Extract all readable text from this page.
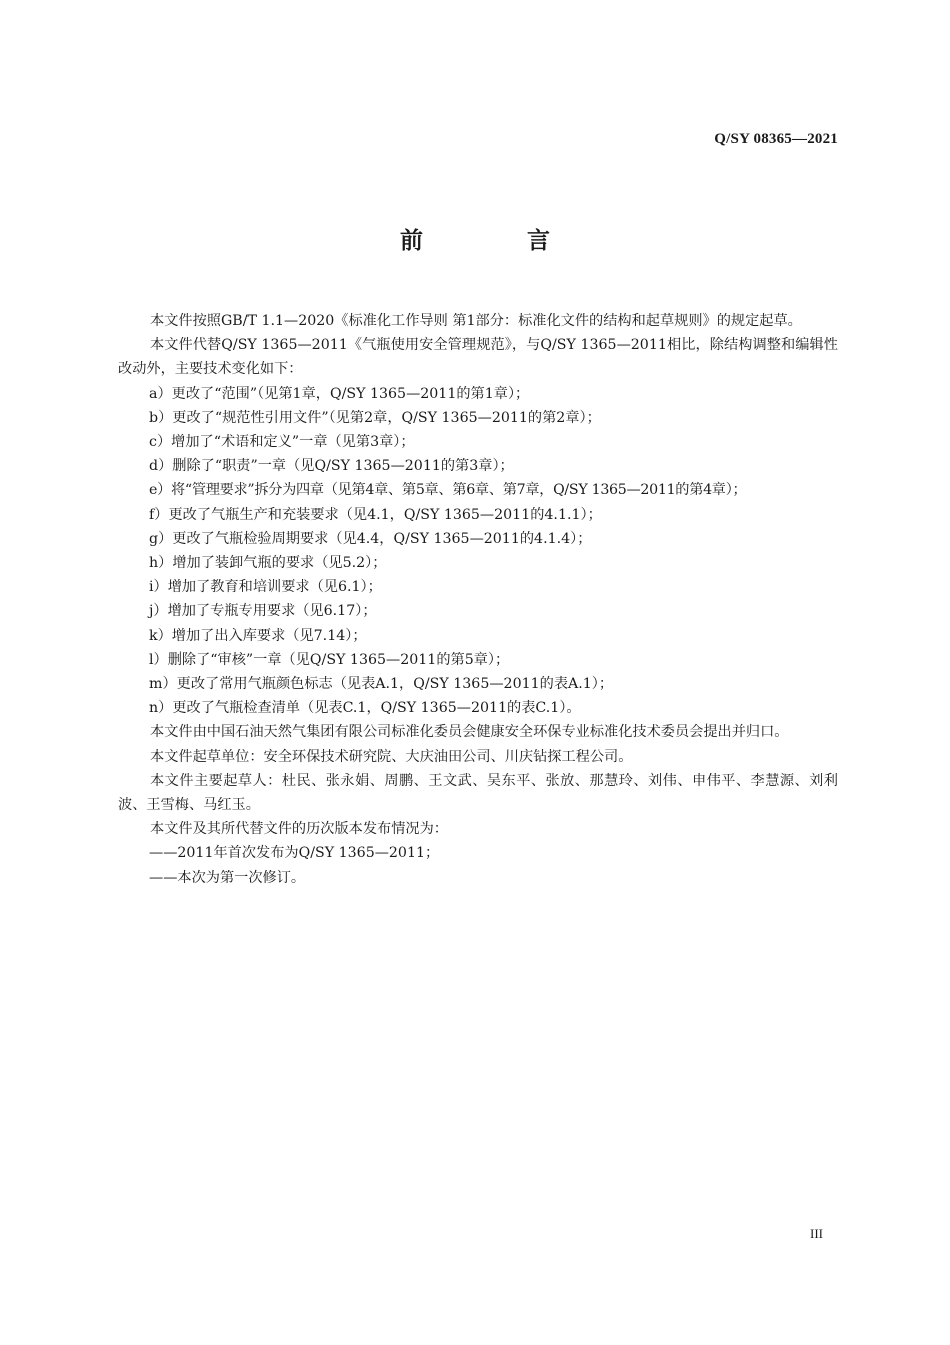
Q/SY 08365—2021
前 言

本文件按照GB/T 1.1—2020《标准化工作导则 第1部分：标准化文件的结构和起草规则》的规定起草。

本文件代替Q/SY 1365—2011《气瓶使用安全管理规范》，与Q/SY 1365—2011相比，除结构调整和编辑性改动外，主要技术变化如下：

a）更改了“范围”（见第1章，Q/SY 1365—2011的第1章）；

b）更改了“规范性引用文件”（见第2章，Q/SY 1365—2011的第2章）；

c）增加了“术语和定义”一章（见第3章）；

d）删除了“职责”一章（见Q/SY 1365—2011的第3章）；

e）将“管理要求”拆分为四章（见第4章、第5章、第6章、第7章，Q/SY 1365—2011的第4章）；

f）更改了气瓶生产和充装要求（见4.1，Q/SY 1365—2011的4.1.1）；

g）更改了气瓶检验周期要求（见4.4，Q/SY 1365—2011的4.1.4）；

h）增加了装卸气瓶的要求（见5.2）；

i）增加了教育和培训要求（见6.1）；

j）增加了专瓶专用要求（见6.17）；

k）增加了出入库要求（见7.14）；

l）删除了“审核”一章（见Q/SY 1365—2011的第5章）；

m）更改了常用气瓶颜色标志（见表A.1，Q/SY 1365—2011的表A.1）；

n）更改了气瓶检查清单（见表C.1，Q/SY 1365—2011的表C.1）。

本文件由中国石油天然气集团有限公司标准化委员会健康安全环保专业标准化技术委员会提出并归口。

本文件起草单位：安全环保技术研究院、大庆油田公司、川庆钻探工程公司。

本文件主要起草人：杜民、张永娟、周鹏、王文武、吴东平、张放、那慧玲、刘伟、申伟平、李慧源、刘利波、王雪梅、马红玉。

本文件及其所代替文件的历次版本发布情况为：

——2011年首次发布为Q/SY 1365—2011；

——本次为第一次修订。

III
